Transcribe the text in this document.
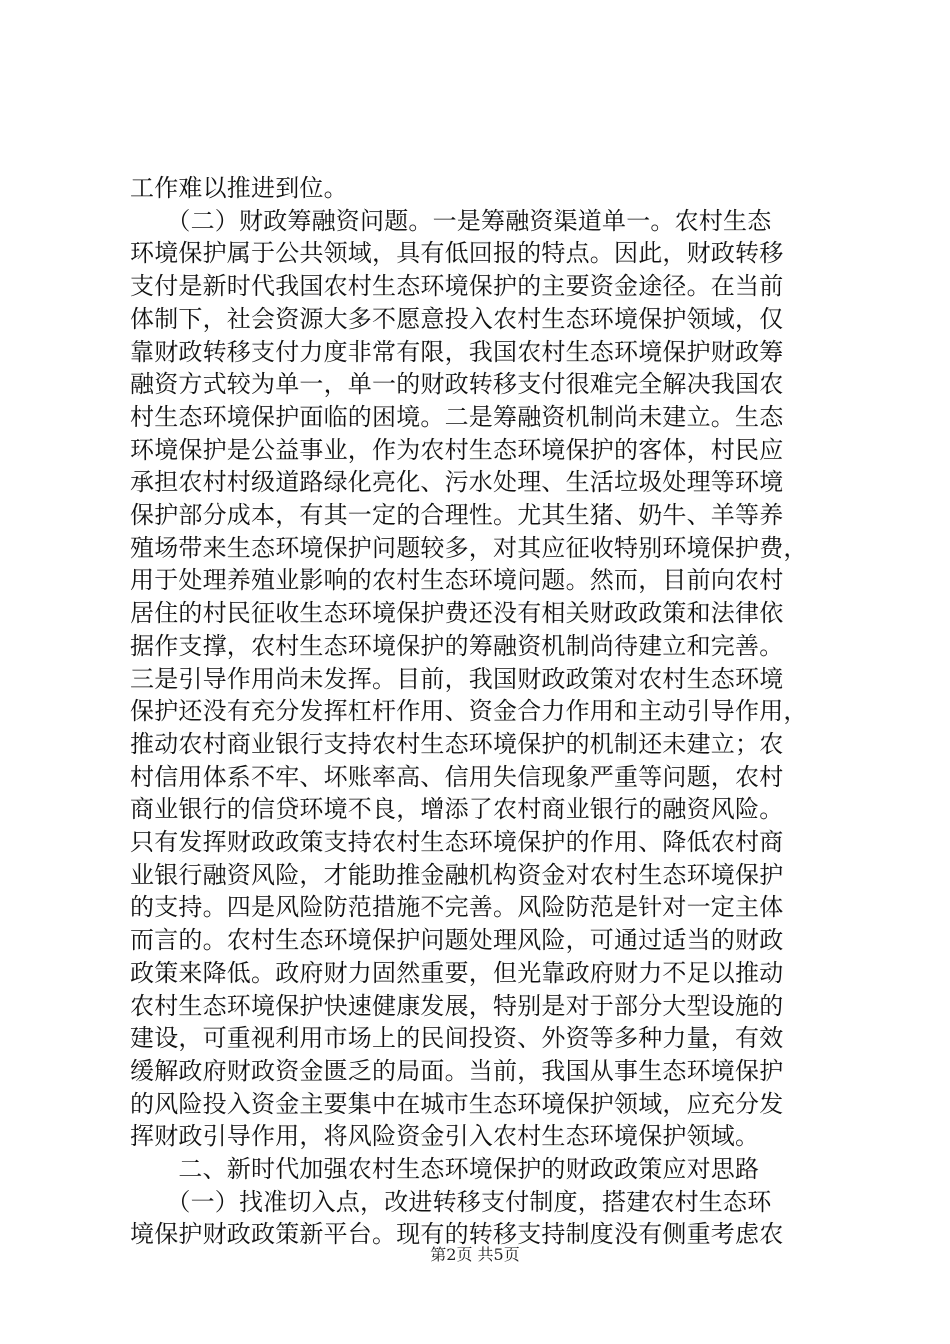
工作难以推进到位。
　　（二）财政筹融资问题。一是筹融资渠道单一。农村生态
环境保护属于公共领域，具有低回报的特点。因此，财政转移
支付是新时代我国农村生态环境保护的主要资金途径。在当前
体制下，社会资源大多不愿意投入农村生态环境保护领域，仅
靠财政转移支付力度非常有限，我国农村生态环境保护财政筹
融资方式较为单一，单一的财政转移支付很难完全解决我国农
村生态环境保护面临的困境。二是筹融资机制尚未建立。生态
环境保护是公益事业，作为农村生态环境保护的客体，村民应
承担农村村级道路绿化亮化、污水处理、生活垃圾处理等环境
保护部分成本，有其一定的合理性。尤其生猪、奶牛、羊等养
殖场带来生态环境保护问题较多，对其应征收特别环境保护费，
用于处理养殖业影响的农村生态环境问题。然而，目前向农村
居住的村民征收生态环境保护费还没有相关财政政策和法律依
据作支撑，农村生态环境保护的筹融资机制尚待建立和完善。
三是引导作用尚未发挥。目前，我国财政政策对农村生态环境
保护还没有充分发挥杠杆作用、资金合力作用和主动引导作用，
推动农村商业银行支持农村生态环境保护的机制还未建立；农
村信用体系不牢、坏账率高、信用失信现象严重等问题，农村
商业银行的信贷环境不良，增添了农村商业银行的融资风险。
只有发挥财政政策支持农村生态环境保护的作用、降低农村商
业银行融资风险，才能助推金融机构资金对农村生态环境保护
的支持。四是风险防范措施不完善。风险防范是针对一定主体
而言的。农村生态环境保护问题处理风险，可通过适当的财政
政策来降低。政府财力固然重要，但光靠政府财力不足以推动
农村生态环境保护快速健康发展，特别是对于部分大型设施的
建设，可重视利用市场上的民间投资、外资等多种力量，有效
缓解政府财政资金匮乏的局面。当前，我国从事生态环境保护
的风险投入资金主要集中在城市生态环境保护领域，应充分发
挥财政引导作用，将风险资金引入农村生态环境保护领域。
　　二、新时代加强农村生态环境保护的财政政策应对思路
　　（一）找准切入点，改进转移支付制度，搭建农村生态环
境保护财政政策新平台。现有的转移支持制度没有侧重考虑农
第2页 共5页
